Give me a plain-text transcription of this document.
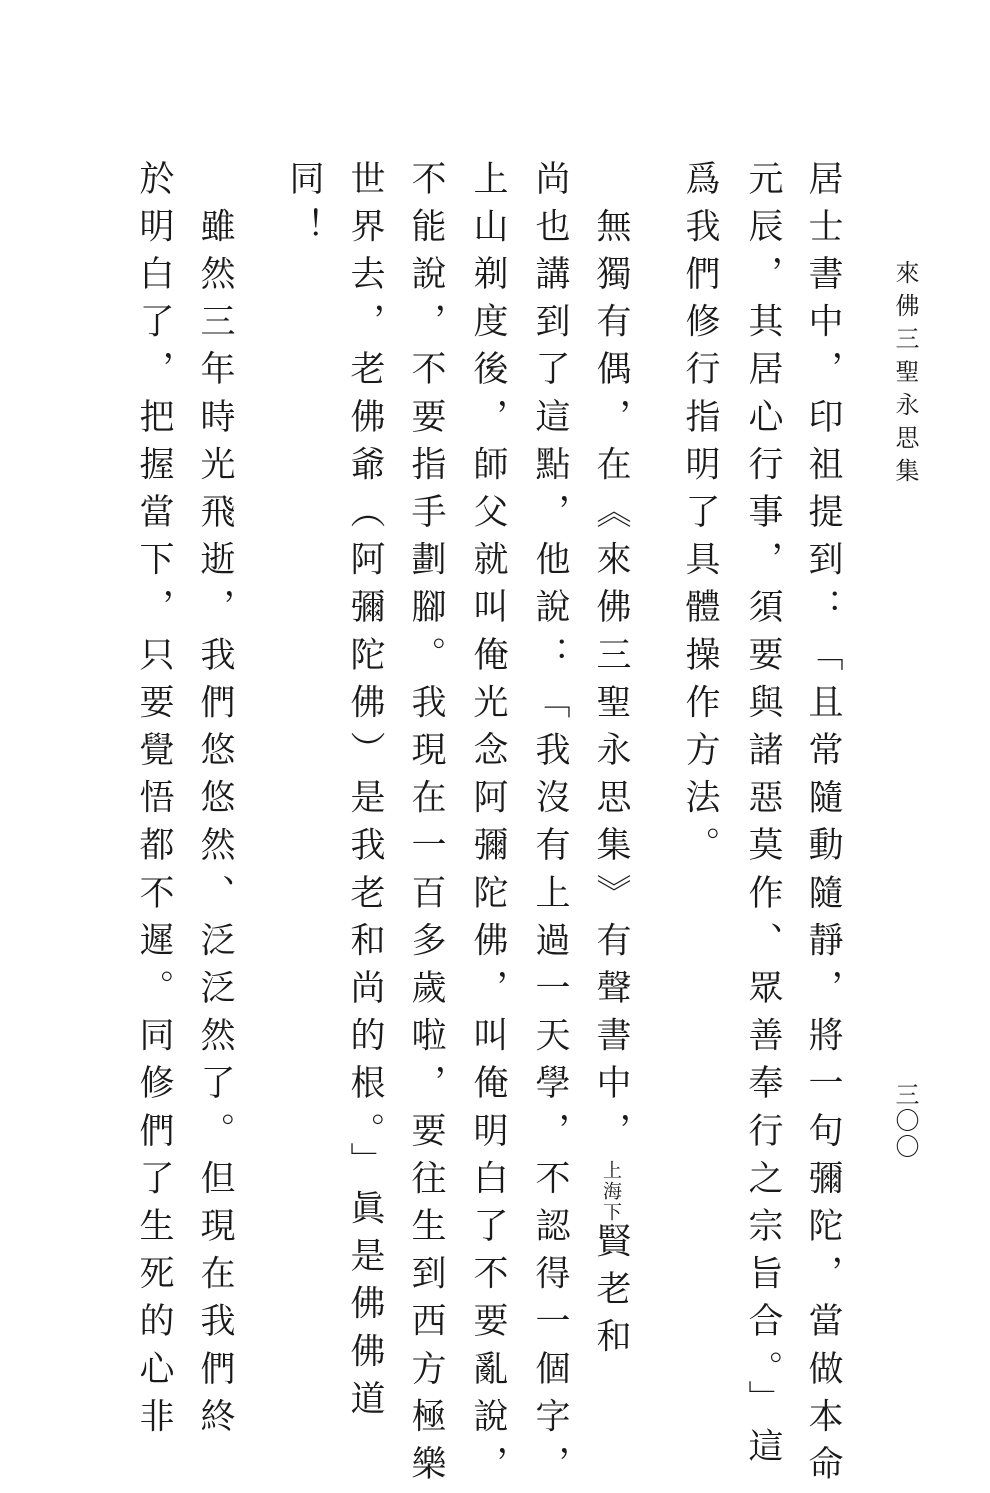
來佛三聖永思集
三〇〇
居士書中，印祖提到：「且常隨動隨靜，將一句彌陀，當做本命
元辰，其居心行事，須要與諸惡莫作、眾善奉行之宗旨合。」這
爲我們修行指明了具體操作方法。
　無獨有偶，在《來佛三聖永思集》有聲書中，上海下賢老和
尚也講到了這點，他說：「我沒有上過一天學，不認得一個字，
上山剃度後，師父就叫俺光念阿彌陀佛，叫俺明白了不要亂說，
不能說，不要指手劃腳。我現在一百多歲啦，要往生到西方極樂
世界去，老佛爺（阿彌陀佛）是我老和尚的根。」眞是佛佛道
同！
　雖然三年時光飛逝，我們悠悠然、泛泛然了。但現在我們終
於明白了，把握當下，只要覺悟都不遲。同修們了生死的心非
